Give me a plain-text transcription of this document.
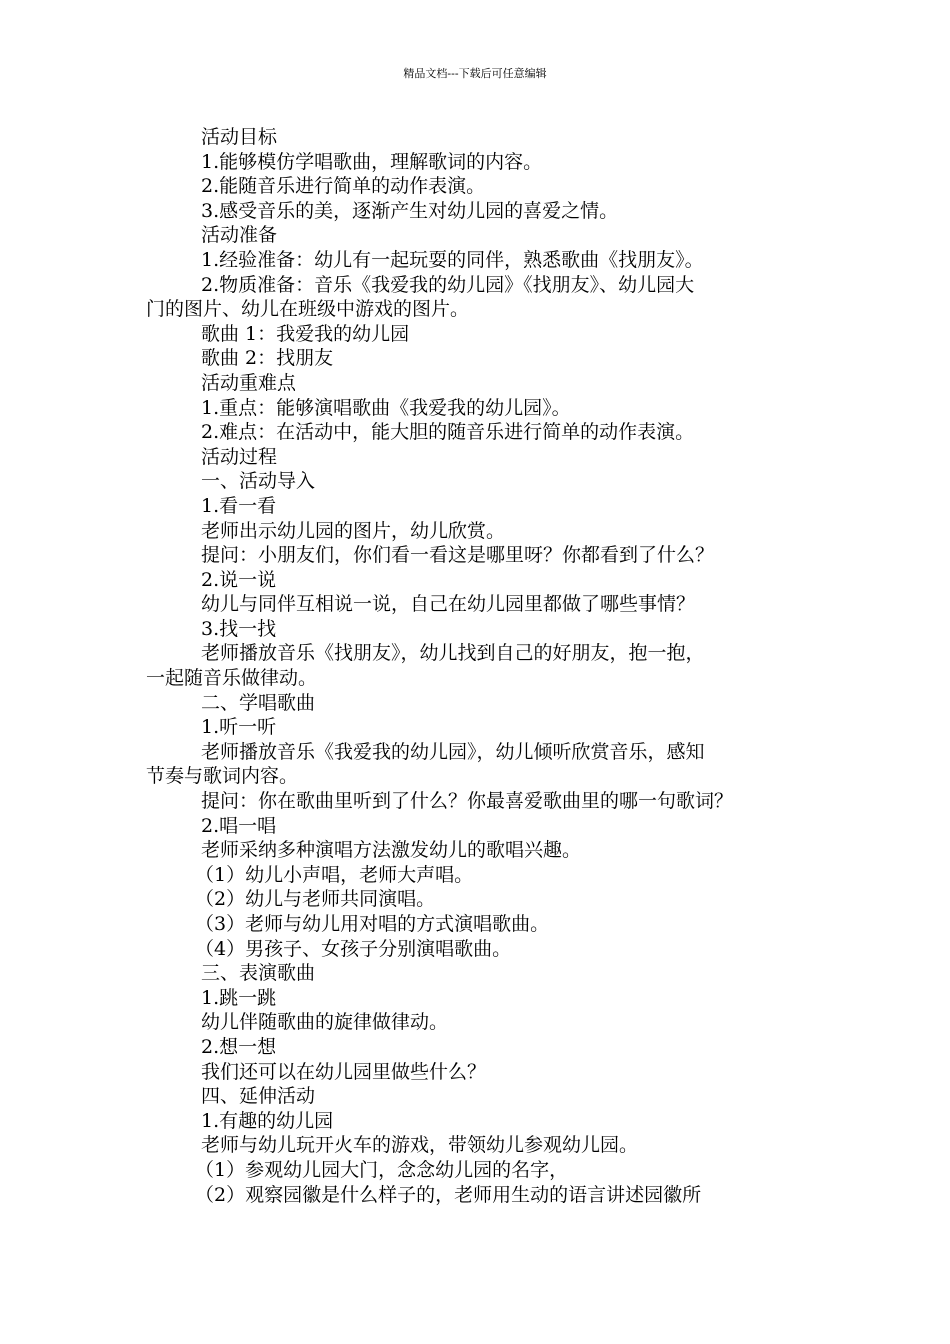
精品文档---下载后可任意编辑
活动目标
1.能够模仿学唱歌曲，理解歌词的内容。
2.能随音乐进行简单的动作表演。
3.感受音乐的美，逐渐产生对幼儿园的喜爱之情。
活动准备
1.经验准备：幼儿有一起玩耍的同伴，熟悉歌曲《找朋友》。
2.物质准备：音乐《我爱我的幼儿园》《找朋友》、幼儿园大
门的图片、幼儿在班级中游戏的图片。
歌曲 1：我爱我的幼儿园
歌曲 2：找朋友
活动重难点
1.重点：能够演唱歌曲《我爱我的幼儿园》。
2.难点：在活动中，能大胆的随音乐进行简单的动作表演。
活动过程
一、活动导入
1.看一看
老师出示幼儿园的图片，幼儿欣赏。
提问：小朋友们，你们看一看这是哪里呀？你都看到了什么？
2.说一说
幼儿与同伴互相说一说，自己在幼儿园里都做了哪些事情？
3.找一找
老师播放音乐《找朋友》，幼儿找到自己的好朋友，抱一抱，
一起随音乐做律动。
二、学唱歌曲
1.听一听
老师播放音乐《我爱我的幼儿园》，幼儿倾听欣赏音乐，感知
节奏与歌词内容。
提问：你在歌曲里听到了什么？你最喜爱歌曲里的哪一句歌词？
2.唱一唱
老师采纳多种演唱方法激发幼儿的歌唱兴趣。
（1）幼儿小声唱，老师大声唱。
（2）幼儿与老师共同演唱。
（3）老师与幼儿用对唱的方式演唱歌曲。
（4）男孩子、女孩子分别演唱歌曲。
三、表演歌曲
1.跳一跳
幼儿伴随歌曲的旋律做律动。
2.想一想
我们还可以在幼儿园里做些什么？
四、延伸活动
1.有趣的幼儿园
老师与幼儿玩开火车的游戏，带领幼儿参观幼儿园。
（1）参观幼儿园大门，念念幼儿园的名字，
（2）观察园徽是什么样子的，老师用生动的语言讲述园徽所
